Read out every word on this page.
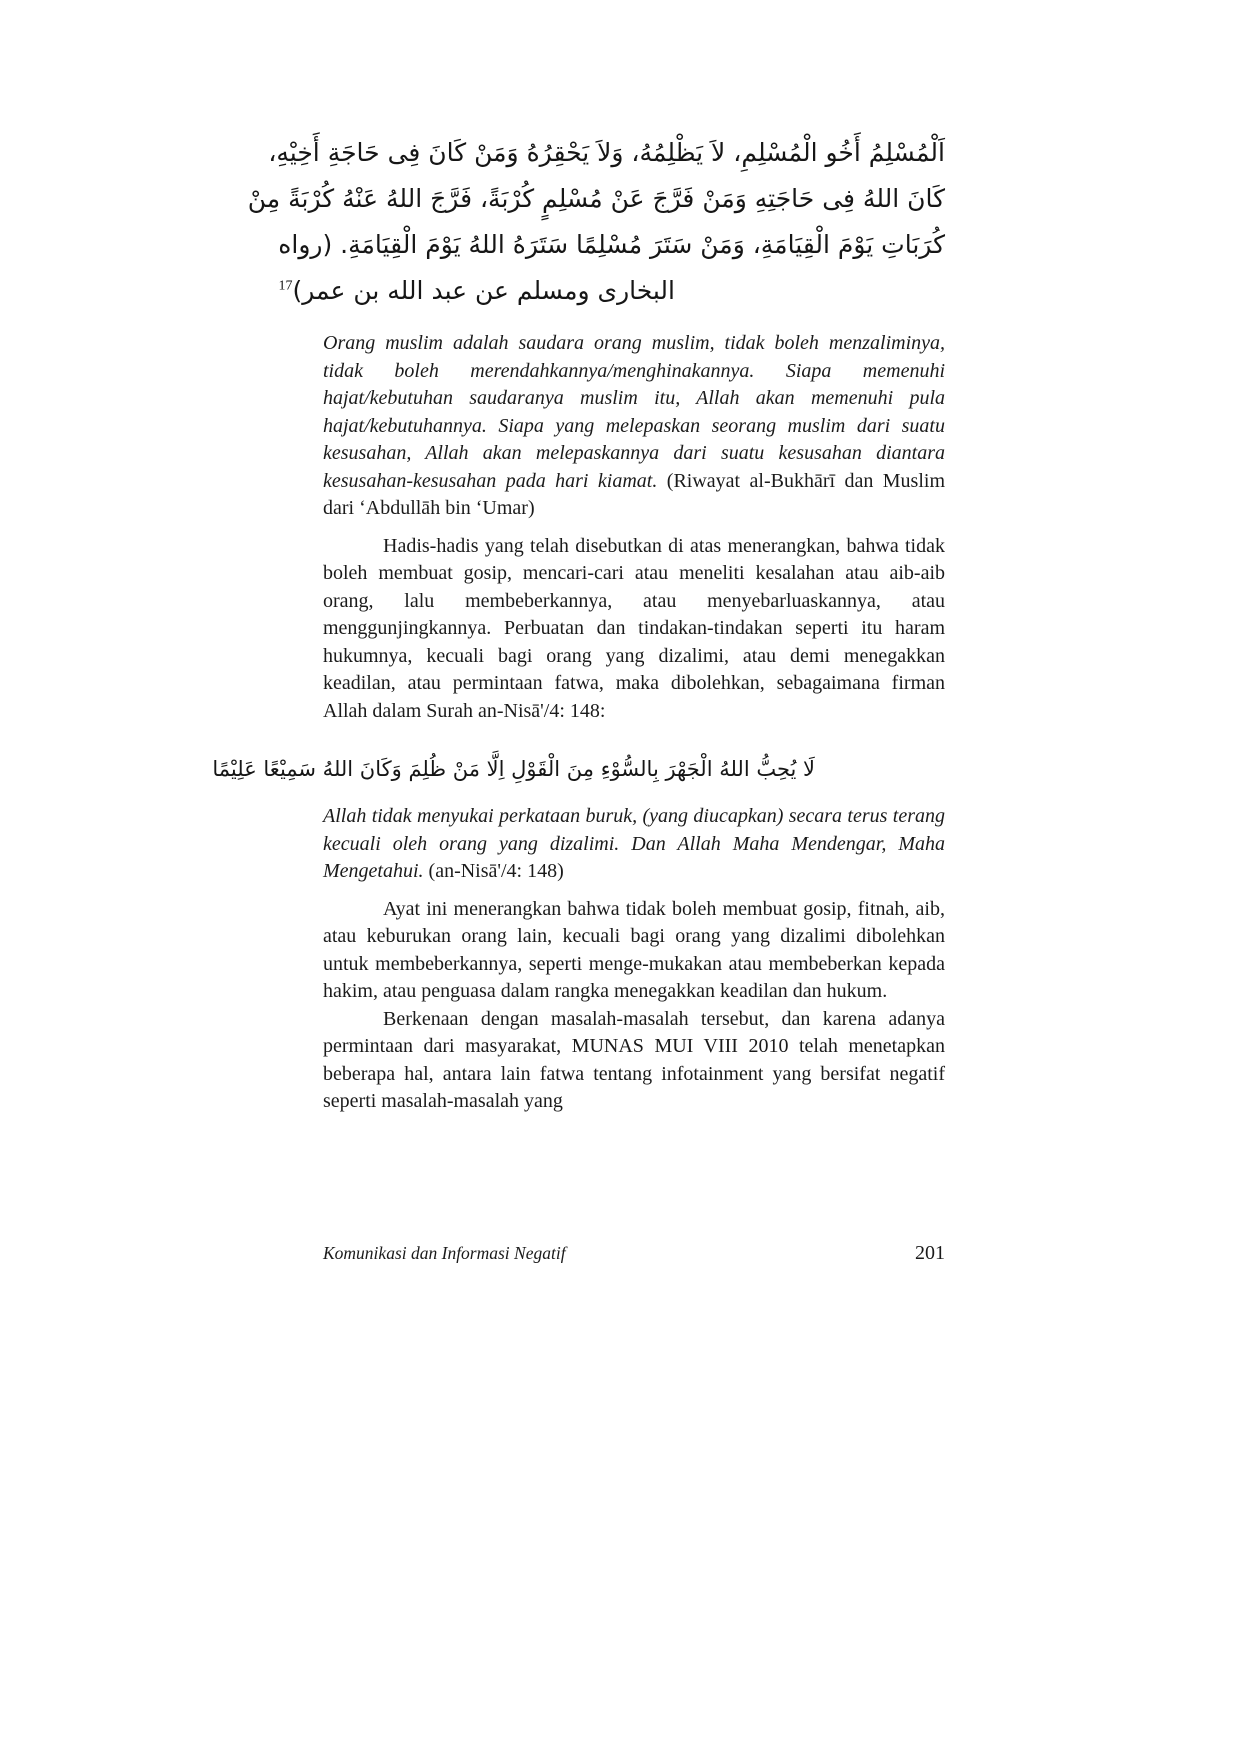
اَلْمُسْلِمُ أَخُو الْمُسْلِمِ، لاَ يَظْلِمُهُ، وَلاَ يَحْقِرُهُ وَمَنْ كَانَ فِى حَاجَةِ أَخِيْهِ،
كَانَ اللهُ فِى حَاجَتِهِ وَمَنْ فَرَّجَ عَنْ مُسْلِمٍ كُرْبَةً، فَرَّجَ اللهُ عَنْهُ كُرْبَةً مِنْ
كُرَبَاتِ يَوْمَ الْقِيَامَةِ، وَمَنْ سَتَرَ مُسْلِمًا سَتَرَهُ اللهُ يَوْمَ الْقِيَامَةِ. (رواه
البخارى ومسلم عن عبد الله بن عمر)$^{17}$

Orang muslim adalah saudara orang muslim, tidak boleh menzaliminya, tidak boleh merendahkannya/menghinakannya. Siapa memenuhi hajat/kebutuhan saudaranya muslim itu, Allah akan memenuhi pula hajat/kebutuhannya. Siapa yang melepaskan seorang muslim dari suatu kesusahan, Allah akan melepaskannya dari suatu kesusahan diantara kesusahan-kesusahan pada hari kiamat. (Riwayat al-Bukhārī dan Muslim dari ‘Abdullāh bin ‘Umar)

Hadis-hadis yang telah disebutkan di atas menerangkan, bahwa tidak boleh membuat gosip, mencari-cari atau meneliti kesalahan atau aib-aib orang, lalu membeberkannya, atau menyebarluaskannya, atau menggunjingkannya. Perbuatan dan tindakan-tindakan seperti itu haram hukumnya, kecuali bagi orang yang dizalimi, atau demi menegakkan keadilan, atau permintaan fatwa, maka dibolehkan, sebagaimana firman Allah dalam Surah an-Nisā'/4: 148:

لَا يُحِبُّ اللهُ الْجَهْرَ بِالسُّوْءِ مِنَ الْقَوْلِ اِلَّا مَنْ ظُلِمَ وَكَانَ اللهُ سَمِيْعًا عَلِيْمًا

Allah tidak menyukai perkataan buruk, (yang diucapkan) secara terus terang kecuali oleh orang yang dizalimi. Dan Allah Maha Mendengar, Maha Mengetahui. (an-Nisā'/4: 148)

Ayat ini menerangkan bahwa tidak boleh membuat gosip, fitnah, aib, atau keburukan orang lain, kecuali bagi orang yang dizalimi dibolehkan untuk membeberkannya, seperti menge-mukakan atau membeberkan kepada hakim, atau penguasa dalam rangka menegakkan keadilan dan hukum.

Berkenaan dengan masalah-masalah tersebut, dan karena adanya permintaan dari masyarakat, MUNAS MUI VIII 2010 telah menetapkan beberapa hal, antara lain fatwa tentang infotainment yang bersifat negatif seperti masalah-masalah yang

Komunikasi dan Informasi Negatif	201
